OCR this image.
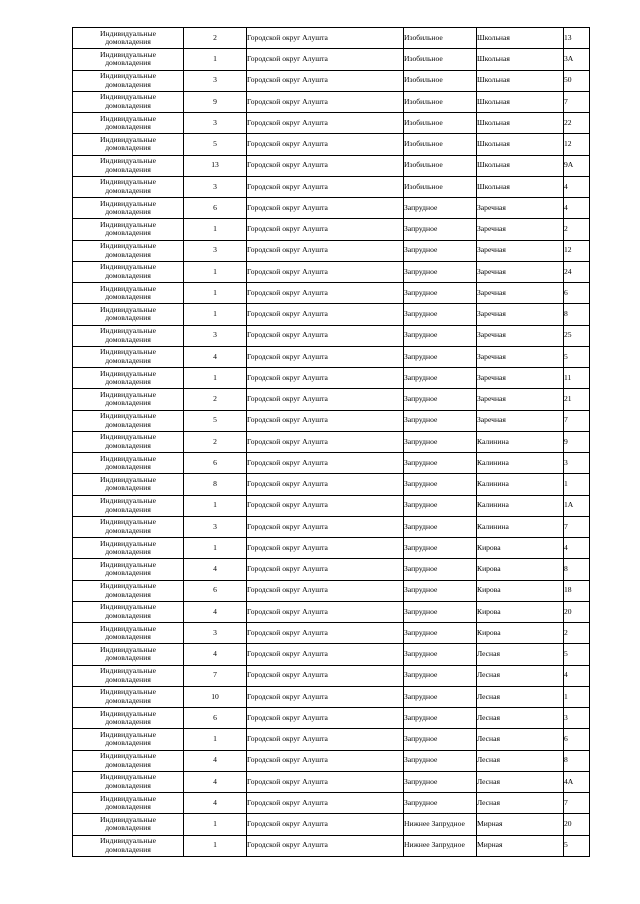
Индивидуальные домовладения	2	Городской округ Алушта	Изобильное	Школьная	13
Индивидуальные домовладения	1	Городской округ Алушта	Изобильное	Школьная	3А
Индивидуальные домовладения	3	Городской округ Алушта	Изобильное	Школьная	50
Индивидуальные домовладения	9	Городской округ Алушта	Изобильное	Школьная	7
Индивидуальные домовладения	3	Городской округ Алушта	Изобильное	Школьная	22
Индивидуальные домовладения	5	Городской округ Алушта	Изобильное	Школьная	12
Индивидуальные домовладения	13	Городской округ Алушта	Изобильное	Школьная	9А
Индивидуальные домовладения	3	Городской округ Алушта	Изобильное	Школьная	4
Индивидуальные домовладения	6	Городской округ Алушта	Запрудное	Заречная	4
Индивидуальные домовладения	1	Городской округ Алушта	Запрудное	Заречная	2
Индивидуальные домовладения	3	Городской округ Алушта	Запрудное	Заречная	12
Индивидуальные домовладения	1	Городской округ Алушта	Запрудное	Заречная	24
Индивидуальные домовладения	1	Городской округ Алушта	Запрудное	Заречная	6
Индивидуальные домовладения	1	Городской округ Алушта	Запрудное	Заречная	8
Индивидуальные домовладения	3	Городской округ Алушта	Запрудное	Заречная	25
Индивидуальные домовладения	4	Городской округ Алушта	Запрудное	Заречная	5
Индивидуальные домовладения	1	Городской округ Алушта	Запрудное	Заречная	11
Индивидуальные домовладения	2	Городской округ Алушта	Запрудное	Заречная	21
Индивидуальные домовладения	5	Городской округ Алушта	Запрудное	Заречная	7
Индивидуальные домовладения	2	Городской округ Алушта	Запрудное	Калинина	9
Индивидуальные домовладения	6	Городской округ Алушта	Запрудное	Калинина	3
Индивидуальные домовладения	8	Городской округ Алушта	Запрудное	Калинина	1
Индивидуальные домовладения	1	Городской округ Алушта	Запрудное	Калинина	1А
Индивидуальные домовладения	3	Городской округ Алушта	Запрудное	Калинина	7
Индивидуальные домовладения	1	Городской округ Алушта	Запрудное	Кирова	4
Индивидуальные домовладения	4	Городской округ Алушта	Запрудное	Кирова	8
Индивидуальные домовладения	6	Городской округ Алушта	Запрудное	Кирова	18
Индивидуальные домовладения	4	Городской округ Алушта	Запрудное	Кирова	20
Индивидуальные домовладения	3	Городской округ Алушта	Запрудное	Кирова	2
Индивидуальные домовладения	4	Городской округ Алушта	Запрудное	Лесная	5
Индивидуальные домовладения	7	Городской округ Алушта	Запрудное	Лесная	4
Индивидуальные домовладения	10	Городской округ Алушта	Запрудное	Лесная	1
Индивидуальные домовладения	6	Городской округ Алушта	Запрудное	Лесная	3
Индивидуальные домовладения	1	Городской округ Алушта	Запрудное	Лесная	6
Индивидуальные домовладения	4	Городской округ Алушта	Запрудное	Лесная	8
Индивидуальные домовладения	4	Городской округ Алушта	Запрудное	Лесная	4А
Индивидуальные домовладения	4	Городской округ Алушта	Запрудное	Лесная	7
Индивидуальные домовладения	1	Городской округ Алушта	Нижнее Запрудное	Мирная	20
Индивидуальные домовладения	1	Городской округ Алушта	Нижнее Запрудное	Мирная	5
